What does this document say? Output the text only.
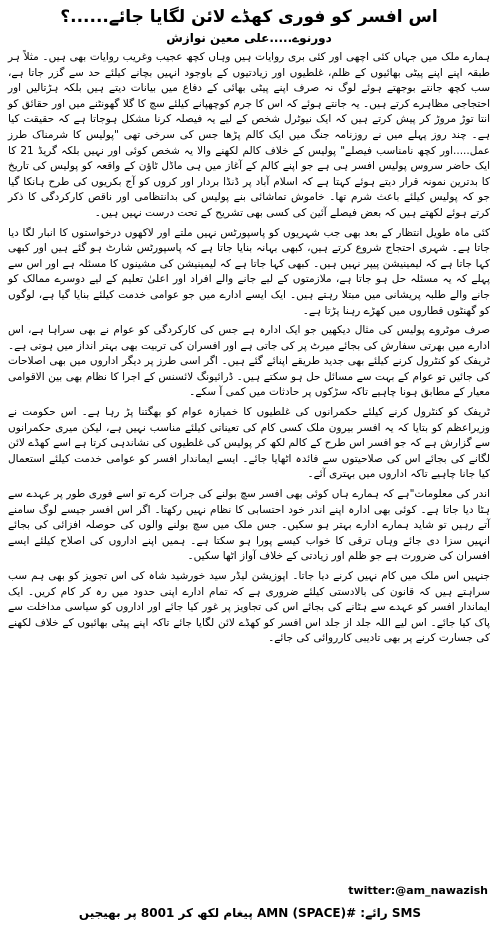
اس افسر کو فوری کھڈے لائن لگایا جائے......؟
دورنوے.....علی معین نوازش

ہمارے ملک میں جہاں کئی اچھی اور کئی بری روایات ہیں وہاں کچھ عجیب وغریب روایات بھی ہیں۔ مثلاً ہر طبقہ اپنے اپنے پیٹی بھائیوں کے ظلم، غلطیوں اور زیادتیوں کے باوجود انہیں بچانے کیلئے حد سے گزر جاتا ہے، سب کچھ جانتے بوجھتے ہوئے لوگ نہ صرف اپنے پیٹی بھائی کے دفاع میں بیانات دیتے ہیں بلکہ ہڑتالیں اور احتجاجی مظاہرے کرتے ہیں۔ یہ جانتے ہوئے کہ اس کا جرم کوچھپانے کیلئے سچ کا گلا گھونٹنے میں اور حقائق کو انتا توڑ مروڑ کر پیش کرتے ہیں کہ ایک نیوٹرل شخص کے لیے یہ فیصلہ کرنا مشکل ہوجاتا ہے کہ حقیقت کیا ہے۔ چند روز پہلے میں نے روزنامہ جنگ میں ایک کالم پڑھا جس کی سرخی تھی "پولیس کا شرمناک طرز عمل.....اور کچھ نامناسب فیصلے" پولیس کے خلاف کالم لکھنے والا یہ شخص کوئی اور نہیں بلکہ گریڈ 21 کا ایک حاضر سروس پولیس افسر ہی ہے جو اپنے کالم کے آغاز میں ہی ماڈل ٹاؤن کے واقعہ کو پولیس کی تاریخ کا بدترین نمونہ قرار دیتے ہوئے کہتا ہے کہ اسلام آباد پر ڈنڈا بردار اور کروں کو آج بکریوں کی طرح ہانکا گیا جو کہ پولیس کیلئے باعث شرم تھا۔ خاموش تماشائی بنے پولیس کی بدانتظامی اور ناقص کارکردگی کا ذکر کرتے ہوئے لکھتے ہیں کہ بعض فیصلے آئین کی کسی بھی تشریح کے تحت درست نہیں ہیں۔

کئی ماہ طویل انتظار کے بعد بھی جب شہریوں کو پاسپورٹس نہیں ملتے اور لاکھوں درخواستوں کا انبار لگا دیا جاتا ہے۔ شہری احتجاج شروع کرتے ہیں، کبھی بہانہ بنایا جاتا ہے کہ پاسپورٹس شارٹ ہو گئے ہیں اور کبھی کہا جاتا ہے کہ لیمینیشن پیپر نہیں ہیں۔ کبھی کہا جاتا ہے کہ لیمینیشن کی مشینوں کا مسئلہ ہے اور اس سے پہلے کہ یہ مسئلہ حل ہو جاتا ہے، ملازمتوں کے لیے جانے والے افراد اور اعلیٰ تعلیم کے لیے دوسرے ممالک کو جانے والے طلبہ پریشانی میں مبتلا رہتے ہیں۔ ایک ایسے ادارے میں جو عوامی خدمت کیلئے بنایا گیا ہے، لوگوں کو گھنٹوں قطاروں میں کھڑے رہنا پڑتا ہے۔

صرف موٹروے پولیس کی مثال دیکھیں جو ایک ادارہ ہے جس کی کارکردگی کو عوام نے بھی سراہا ہے، اس ادارے میں بھرتی سفارش کی بجائے میرٹ پر کی جاتی ہے اور افسران کی تربیت بھی بہتر انداز میں ہوتی ہے۔ ٹریفک کو کنٹرول کرنے کیلئے بھی جدید طریقے اپنائے گئے ہیں۔ اگر اسی طرز پر دیگر اداروں میں بھی اصلاحات کی جائیں تو عوام کے بہت سے مسائل حل ہو سکتے ہیں۔ ڈرائیونگ لائسنس کے اجرا کا نظام بھی بین الاقوامی معیار کے مطابق ہونا چاہیے تاکہ سڑکوں پر حادثات میں کمی آ سکے۔

ٹریفک کو کنٹرول کرنے کیلئے حکمرانوں کی غلطیوں کا خمیازہ عوام کو بھگتنا پڑ رہا ہے۔ اس حکومت نے وزیراعظم کو بتایا کہ یہ افسر بیرون ملک کسی کام کی تعیناتی کیلئے مناسب نہیں ہے، لیکن میری حکمرانوں سے گزارش ہے کہ جو افسر اس طرح کے کالم لکھ کر پولیس کی غلطیوں کی نشاندہی کرتا ہے اسے کھڈے لائن لگانے کی بجائے اس کی صلاحیتوں سے فائدہ اٹھایا جائے۔ ایسے ایماندار افسر کو عوامی خدمت کیلئے استعمال کیا جانا چاہیے تاکہ اداروں میں بہتری آئے۔

اندر کی معلومات"ہے کہ ہمارے ہاں کوئی بھی افسر سچ بولنے کی جرات کرے تو اسے فوری طور پر عہدے سے ہٹا دیا جاتا ہے۔ کوئی بھی ادارہ اپنے اندر خود احتسابی کا نظام نہیں رکھتا۔ اگر اس افسر جیسے لوگ سامنے آتے رہیں تو شاید ہمارے ادارے بہتر ہو سکیں۔ جس ملک میں سچ بولنے والوں کی حوصلہ افزائی کی بجائے انہیں سزا دی جائے وہاں ترقی کا خواب کیسے پورا ہو سکتا ہے۔ ہمیں اپنے اداروں کی اصلاح کیلئے ایسے افسران کی ضرورت ہے جو ظلم اور زیادتی کے خلاف آواز اٹھا سکیں۔

جنہیں اس ملک میں کام نہیں کرنے دیا جاتا۔ اپوزیشن لیڈر سید خورشید شاہ کی اس تجویز کو بھی ہم سب سراہتے ہیں کہ قانون کی بالادستی کیلئے ضروری ہے کہ تمام ادارے اپنی حدود میں رہ کر کام کریں۔ ایک ایماندار افسر کو عہدے سے ہٹانے کی بجائے اس کی تجاویز پر غور کیا جائے اور اداروں کو سیاسی مداخلت سے پاک کیا جائے۔ اس لیے اللہ جلد از جلد اس افسر کو کھڈے لائن لگایا جائے تاکہ اپنے پیٹی بھائیوں کے خلاف لکھنے کی جسارت کرنے پر بھی تادیبی کارروائی کی جائے۔

twitter:@am_nawazish
SMS رائے: #AMN (SPACE) پیغام لکھ کر 8001 پر بھیجیں
